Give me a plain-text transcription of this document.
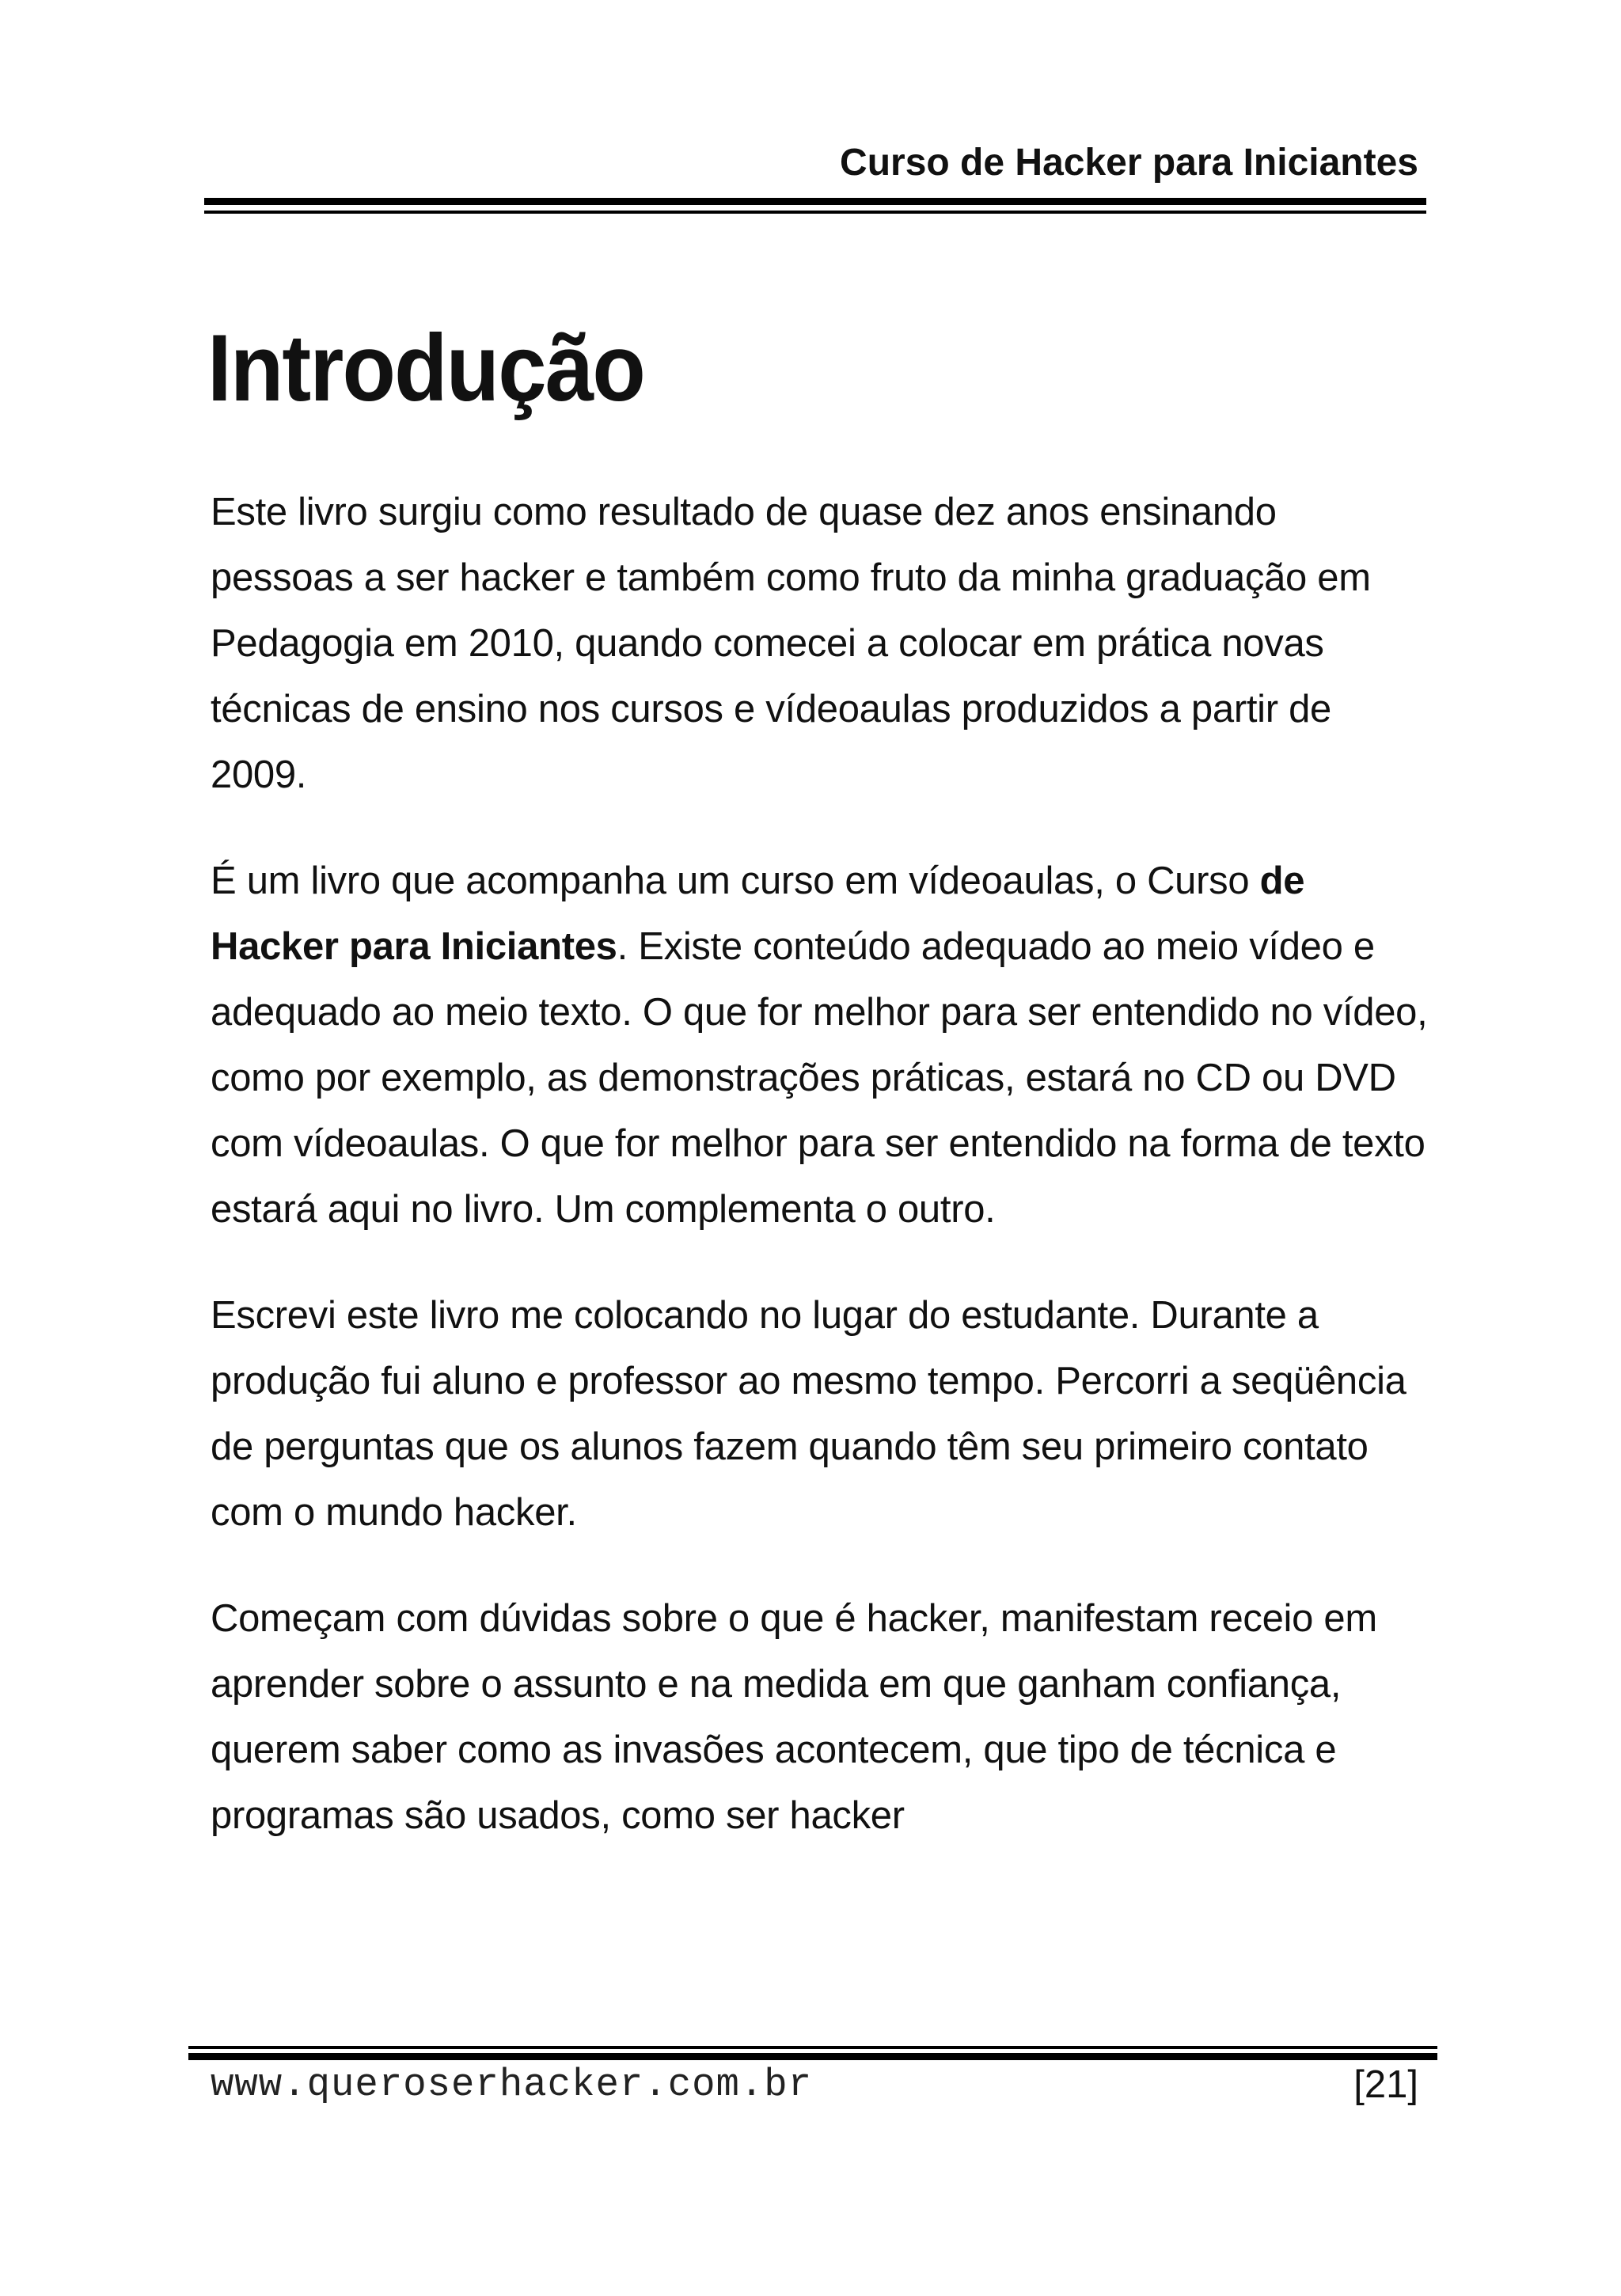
Curso de Hacker para Iniciantes

Introdução

Este livro surgiu como resultado de quase dez anos ensinando pessoas a ser hacker e também como fruto da minha graduação em Pedagogia em 2010, quando comecei a colocar em prática novas técnicas de ensino nos cursos e vídeoaulas produzidos a partir de 2009.

É um livro que acompanha um curso em vídeoaulas, o Curso de Hacker para Iniciantes. Existe conteúdo adequado ao meio vídeo e adequado ao meio texto. O que for melhor para ser entendido no vídeo, como por exemplo, as demonstrações práticas, estará no CD ou DVD com vídeoaulas. O que for melhor para ser entendido na forma de texto estará aqui no livro. Um complementa o outro.

Escrevi este livro me colocando no lugar do estudante. Durante a produção fui aluno e professor ao mesmo tempo. Percorri a seqüência de perguntas que os alunos fazem quando têm seu primeiro contato com o mundo hacker.

Começam com dúvidas sobre o que é hacker, manifestam receio em aprender sobre o assunto e na medida em que ganham confiança, querem saber como as invasões acontecem, que tipo de técnica e programas são usados, como ser hacker

www.queroserhacker.com.br	[21]
